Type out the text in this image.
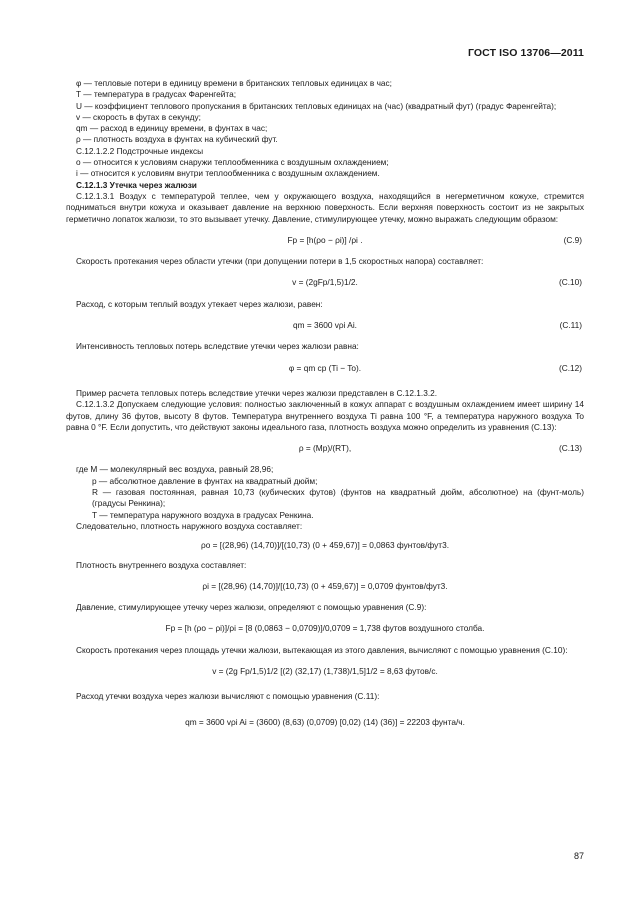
ГОСТ ISO 13706—2011

φ — тепловые потери в единицу времени в британских тепловых единицах в час;

T — температура в градусах Фаренгейта;

U — коэффициент теплового пропускания в британских тепловых единицах на (час) (квадратный фут) (градус Фаренгейта);

v — скорость в футах в секунду;

qm — расход в единицу времени, в фунтах в час;

ρ — плотность воздуха в фунтах на кубический фут.

С.12.1.2.2 Подстрочные индексы

о — относится к условиям снаружи теплообменника с воздушным охлаждением;

i — относится к условиям внутри теплообменника с воздушным охлаждением.

С.12.1.3 Утечка через жалюзи

С.12.1.3.1 Воздух с температурой теплее, чем у окружающего воздуха, находящийся в негерметичном кожухе, стремится подниматься внутри кожуха и оказывает давление на верхнюю поверхность. Если верхняя поверхность состоит из не закрытых герметично лопаток жалюзи, то это вызывает утечку. Давление, стимулирующее утечку, можно выражать следующим образом:

Fp = [h(ρo − ρi)] /ρi .	(С.9)

Скорость протекания через области утечки (при допущении потери в 1,5 скоростных напора) составляет:

v = (2gFp/1,5)1/2.	(С.10)

Расход, с которым теплый воздух утекает через жалюзи, равен:

qm = 3600 vρi Ai.	(С.11)

Интенсивность тепловых потерь вследствие утечки через жалюзи равна:

φ = qm cp (Ti − To).	(С.12)

Пример расчета тепловых потерь вследствие утечки через жалюзи представлен в С.12.1.3.2.

С.12.1.3.2 Допускаем следующие условия: полностью заключенный в кожух аппарат с воздушным охлаждением имеет ширину 14 футов, длину 36 футов, высоту 8 футов. Температура внутреннего воздуха Ti равна 100 °F, а температура наружного воздуха To равна 0 °F. Если допустить, что действуют законы идеального газа, плотность воздуха можно определить из уравнения (С.13):

ρ = (Mp)/(RT),	(С.13)

где M — молекулярный вес воздуха, равный 28,96;

p — абсолютное давление в фунтах на квадратный дюйм;

R — газовая постоянная, равная 10,73 (кубических футов) (фунтов на квадратный дюйм, абсолютное) на (фунт-моль) (градусы Ренкина);

T — температура наружного воздуха в градусах Ренкина.

Следовательно, плотность наружного воздуха составляет:

ρo = [(28,96) (14,70)]/[(10,73) (0 + 459,67)] = 0,0863 фунтов/фут3.

Плотность внутреннего воздуха составляет:

ρi = [(28,96) (14,70)]/[(10,73) (0 + 459,67)] = 0,0709 фунтов/фут3.

Давление, стимулирующее утечку через жалюзи, определяют с помощью уравнения (С.9):

Fp = [h (ρo − ρi)]/ρi = [8 (0,0863 − 0,0709)]/0,0709 = 1,738 футов воздушного столба.

Скорость протекания через площадь утечки жалюзи, вытекающая из этого давления, вычисляют с помощью уравнения (С.10):

v = (2g Fp/1,5)1/2 [(2) (32,17) (1,738)/1,5]1/2 = 8,63 футов/с.

Расход утечки воздуха через жалюзи вычисляют с помощью уравнения (С.11):

qm = 3600 vρi Ai = (3600) (8,63) (0,0709) [0,02) (14) (36)] = 22203 фунта/ч.
87
